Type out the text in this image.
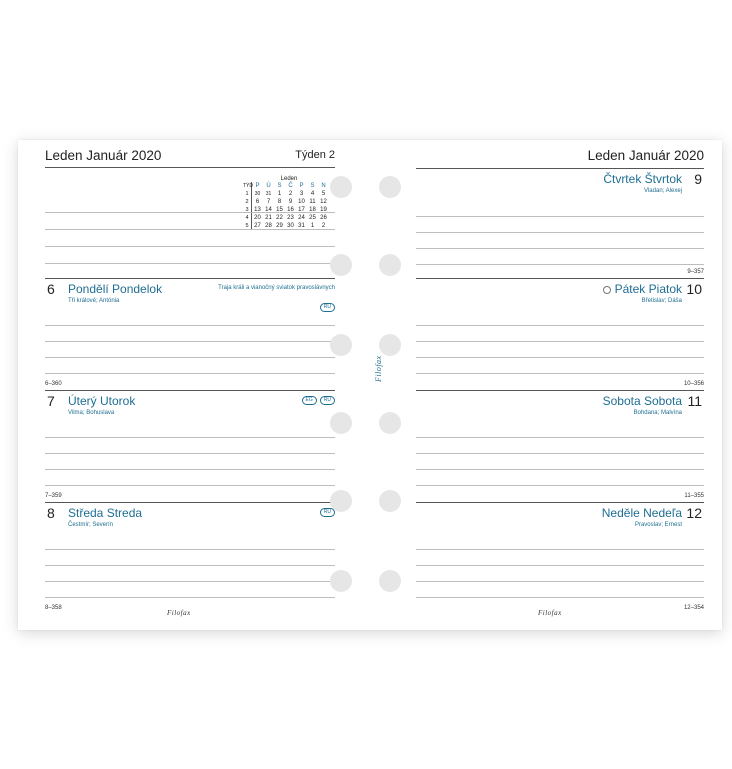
Leden Január 2020	Týden 2
Leden
TÝD P	Ú	S	Č	P	S	N
1	30	31	1	2	3	4	5
2	6	7	8	9 10 11 12
3 13 14 15 16 17 18 19
4 20 21 22 23 24 25 26
5 27 28 29 30 31 1	2
6 Pondělí Pondelok
Tři králové; Antónia
Traja králi a vianočný sviatok pravoslávnych
RU
6–360
7 Úterý Utorok
Vilma; Bohuslava
EG	RU
7–359
8 Středa Streda
Čestmír; Severín
RU
8–358
Filofax
Filofax
Leden Január 2020
9
Čtvrtek Štvrtok
Vladan; Alexej
9–357
10
Pátek Piatok
Břetislav; Dáša
10–356
11
Sobota Sobota
Bohdana; Malvína
11–355
12
Neděle Nedeľa
Pravoslav; Ernest
12–354
Filofax
